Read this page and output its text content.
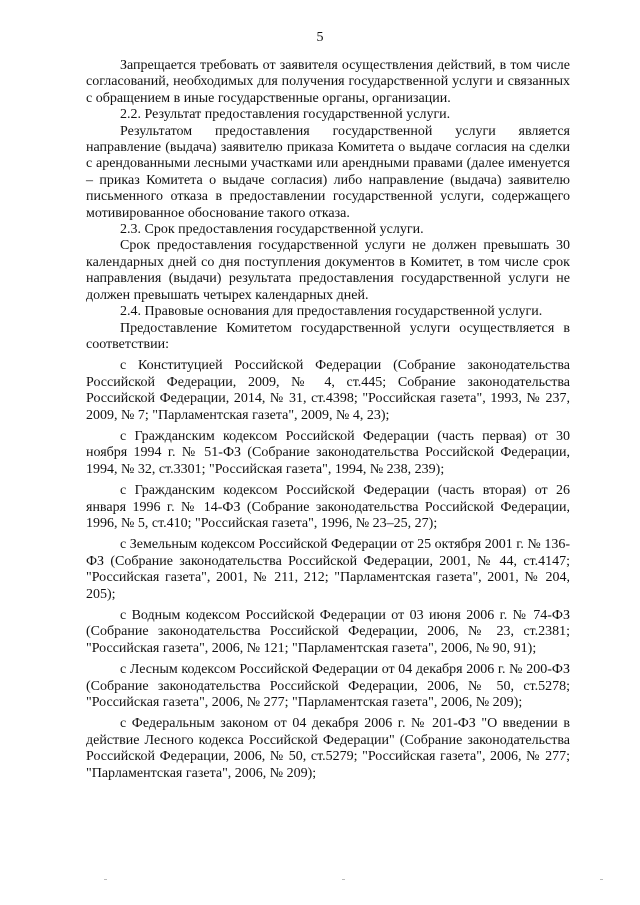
5

Запрещается требовать от заявителя осуществления действий, в том числе согласований, необходимых для получения государственной услуги и связанных с обращением в иные государственные органы, организации.

2.2. Результат предоставления государственной услуги.

Результатом предоставления государственной услуги является направление (выдача) заявителю приказа Комитета о выдаче согласия на сделки с арендованными лесными участками или арендными правами (далее именуется – приказ Комитета о выдаче согласия) либо направление (выдача) заявителю письменного отказа в предоставлении государственной услуги, содержащего мотивированное обоснование такого отказа.

2.3. Срок предоставления государственной услуги.

Срок предоставления государственной услуги не должен превышать 30 календарных дней со дня поступления документов в Комитет, в том числе срок направления (выдачи) результата предоставления государственной услуги не должен превышать четырех календарных дней.

2.4. Правовые основания для предоставления государственной услуги.

Предоставление Комитетом государственной услуги осуществляется в соответствии:

с Конституцией Российской Федерации (Собрание законодательства Российской Федерации, 2009, № 4, ст.445; Собрание законодательства Российской Федерации, 2014, № 31, ст.4398; "Российская газета", 1993, № 237, 2009, № 7; "Парламентская газета", 2009, № 4, 23);

с Гражданским кодексом Российской Федерации (часть первая) от 30 ноября 1994 г. № 51-ФЗ (Собрание законодательства Российской Федерации, 1994, № 32, ст.3301; "Российская газета", 1994, № 238, 239);

с Гражданским кодексом Российской Федерации (часть вторая) от 26 января 1996 г. № 14-ФЗ (Собрание законодательства Российской Федерации, 1996, № 5, ст.410; "Российская газета", 1996, № 23–25, 27);

с Земельным кодексом Российской Федерации от 25 октября 2001 г. № 136-ФЗ (Собрание законодательства Российской Федерации, 2001, № 44, ст.4147; "Российская газета", 2001, № 211, 212; "Парламентская газета", 2001, № 204, 205);

с Водным кодексом Российской Федерации от 03 июня 2006 г. № 74-ФЗ (Собрание законодательства Российской Федерации, 2006, № 23, ст.2381; "Российская газета", 2006, № 121; "Парламентская газета", 2006, № 90, 91);

с Лесным кодексом Российской Федерации от 04 декабря 2006 г. № 200-ФЗ (Собрание законодательства Российской Федерации, 2006, № 50, ст.5278; "Российская газета", 2006, № 277; "Парламентская газета", 2006, № 209);

с Федеральным законом от 04 декабря 2006 г. № 201-ФЗ "О введении в действие Лесного кодекса Российской Федерации" (Собрание законодательства Российской Федерации, 2006, № 50, ст.5279; "Российская газета", 2006, № 277; "Парламентская газета", 2006, № 209);
